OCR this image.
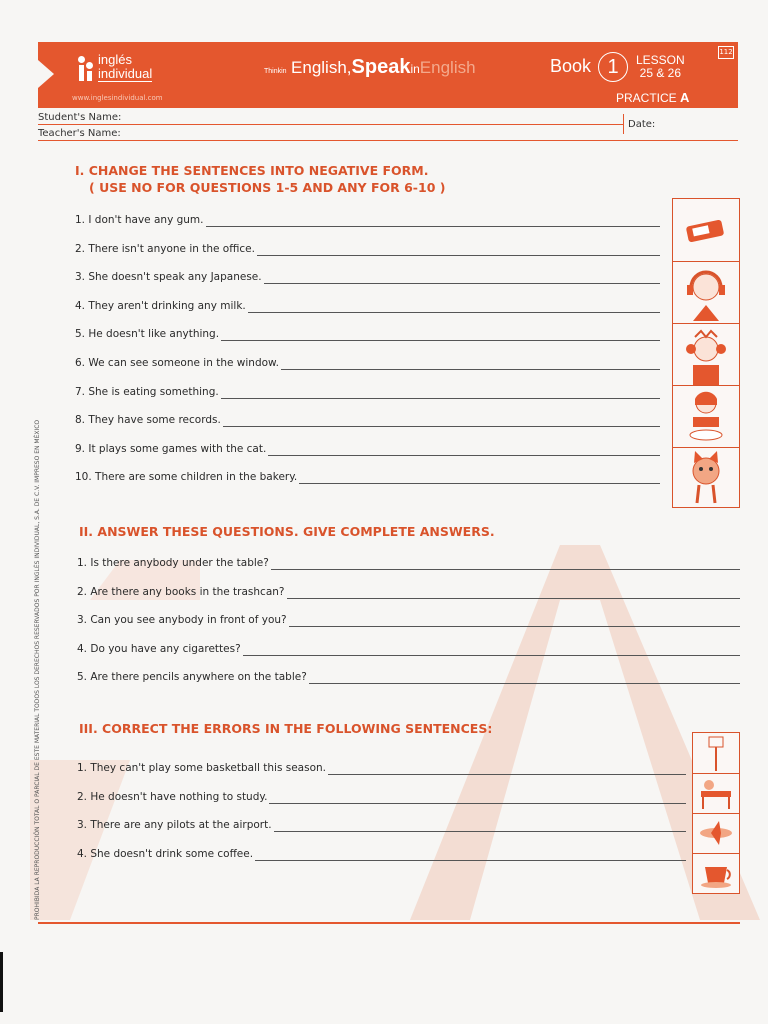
inglés
individual
www.inglesindividual.com
Thinkin English,SpeakinEnglish	Book 1	LESSON
25 & 26
PRACTICE A
112
Student's Name:
Teacher's Name:
Date:
I. CHANGE THE SENTENCES INTO NEGATIVE FORM.
( USE NO FOR QUESTIONS 1-5 AND ANY FOR 6-10 )
1. I don't have any gum.
2. There isn't anyone in the office.
3. She doesn't speak any Japanese.
4. They aren't drinking any milk.
5. He doesn't like anything.
6. We can see someone in the window.
7. She is eating something.
8. They have some records.
9. It plays some games with the cat.
10. There are some children in the bakery.
II. ANSWER THESE QUESTIONS. GIVE COMPLETE ANSWERS.
1. Is there anybody under the table?
2. Are there any books in the trashcan?
3. Can you see anybody in front of you?
4. Do you have any cigarettes?
5. Are there pencils anywhere on the table?
III. CORRECT THE ERRORS IN THE FOLLOWING SENTENCES:
1. They can't play some basketball this season.
2. He doesn't have nothing to study.
3. There are any pilots at the airport.
4. She doesn't drink some coffee.
PROHIBIDA LA REPRODUCCIÓN TOTAL O PARCIAL DE ESTE MATERIAL TODOS LOS DERECHOS RESERVADOS POR INGLÉS INDIVIDUAL, S.A. DE C.V. IMPRESO EN MÉXICO
